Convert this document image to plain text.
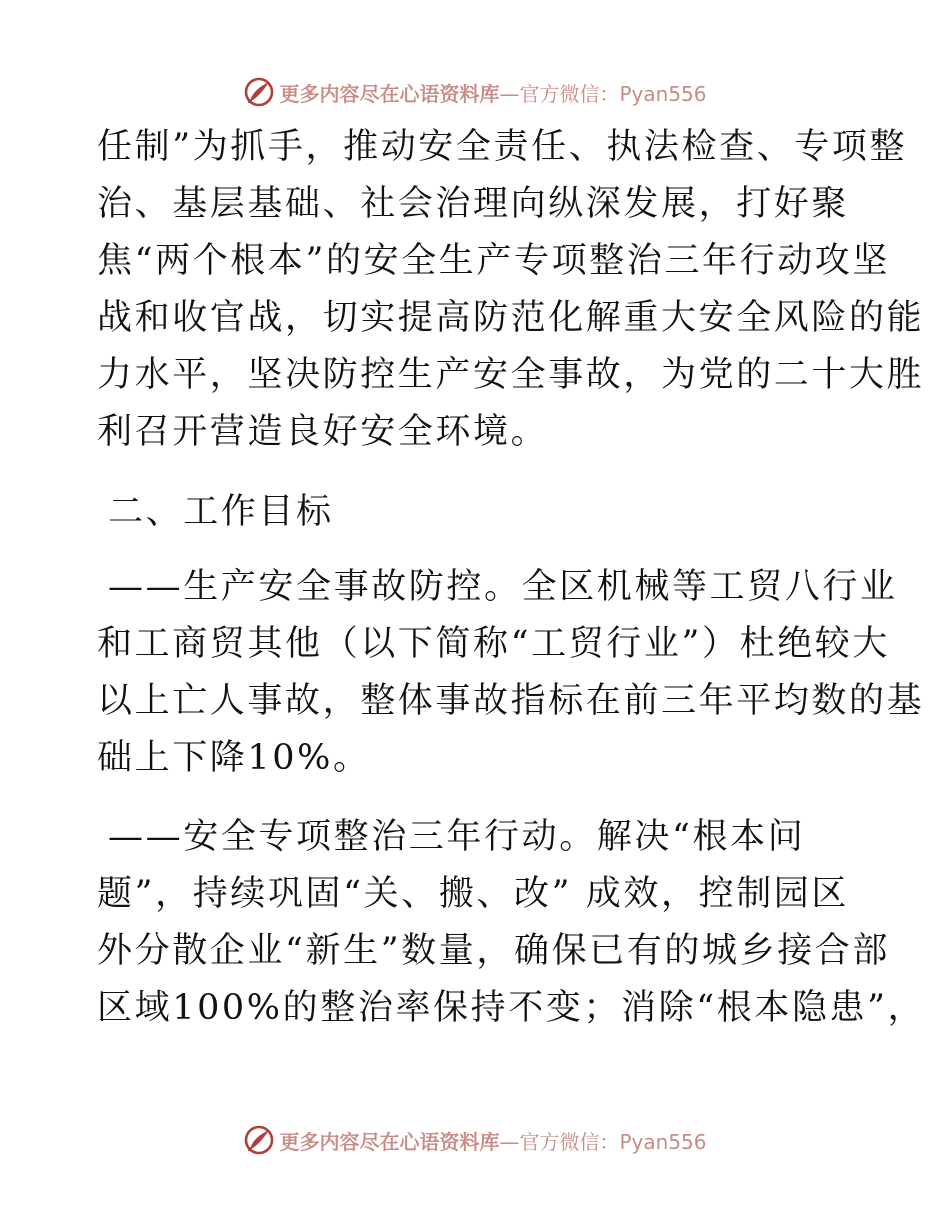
更多内容尽在心语资料库—官方微信：Pyan556
任制”为抓手，推动安全责任、执法检查、专项整
治、基层基础、社会治理向纵深发展，打好聚
焦“两个根本”的安全生产专项整治三年行动攻坚
战和收官战，切实提高防范化解重大安全风险的能
力水平，坚决防控生产安全事故，为党的二十大胜
利召开营造良好安全环境。
二、工作目标
——生产安全事故防控。全区机械等工贸八行业
和工商贸其他（以下简称“工贸行业”）杜绝较大
以上亡人事故，整体事故指标在前三年平均数的基
础上下降10%。
——安全专项整治三年行动。解决“根本问
题”，持续巩固“关、搬、改” 成效，控制园区
外分散企业“新生”数量，确保已有的城乡接合部
区域100%的整治率保持不变；消除“根本隐患”，
更多内容尽在心语资料库—官方微信：Pyan556
